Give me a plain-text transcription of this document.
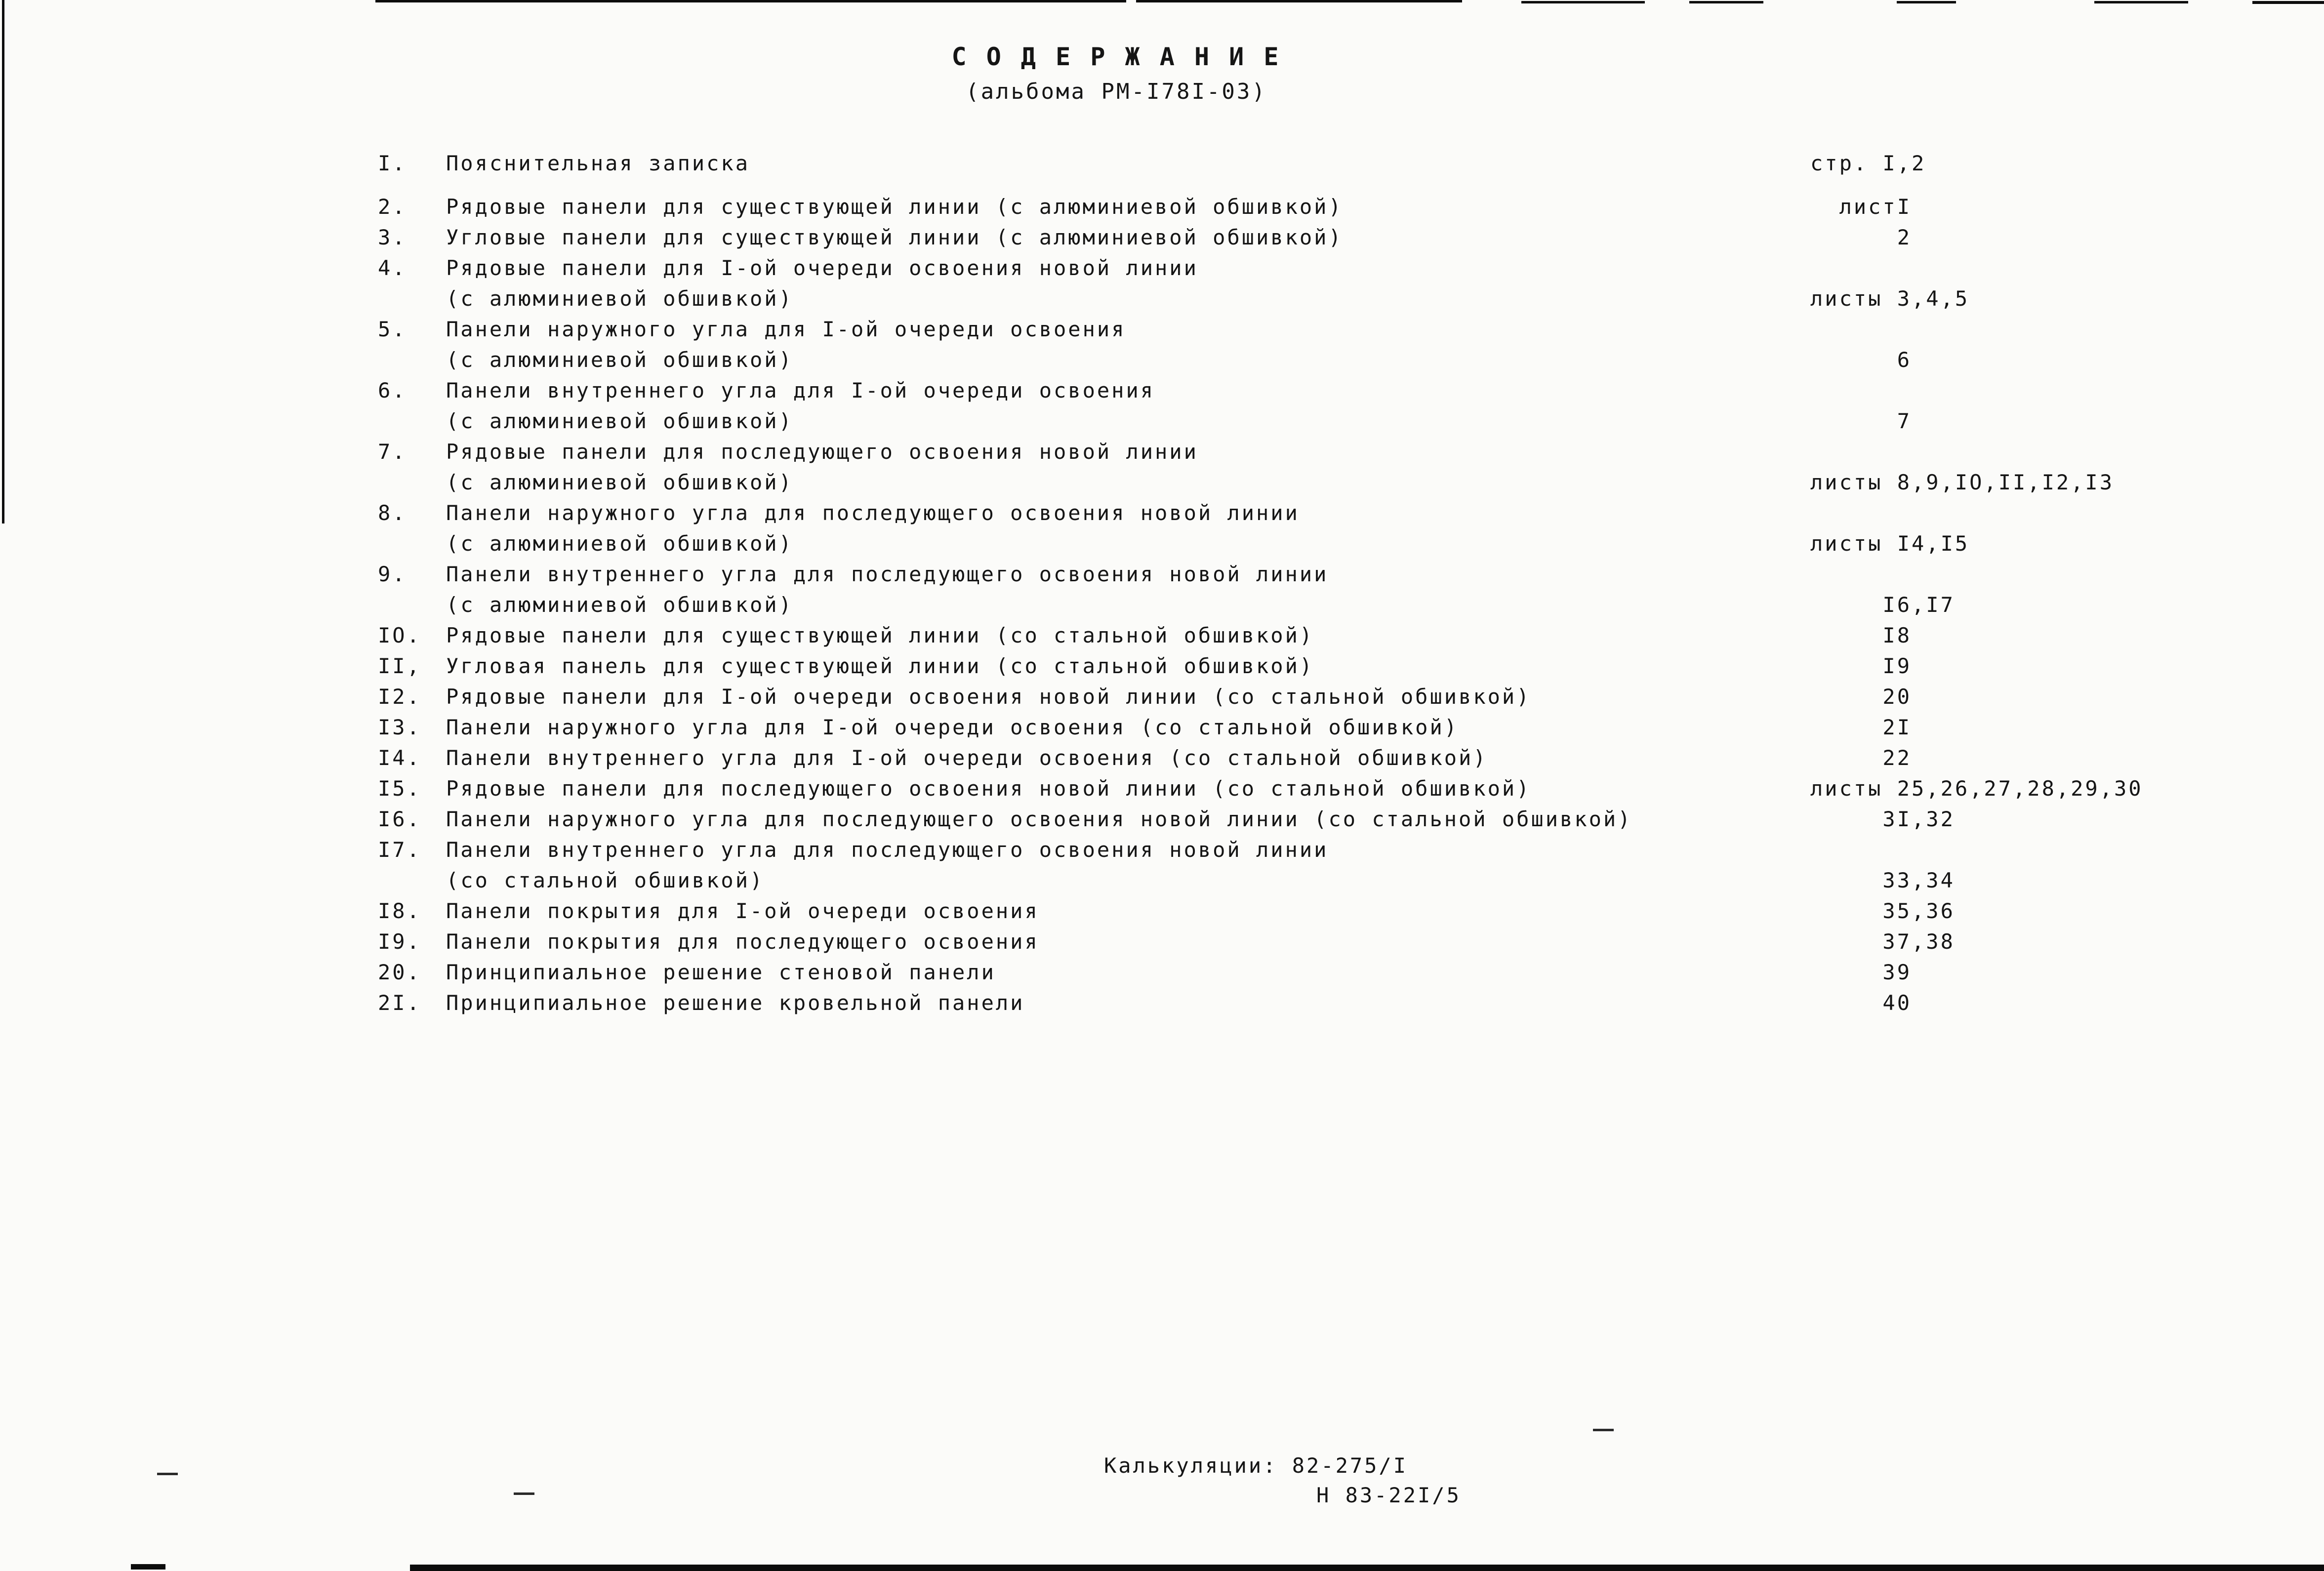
С О Д Е Р Ж А Н И Е
(альбома РМ-I78I-03)
I.	Пояснительная записка	стр. I,2
2.	Рядовые панели для существующей линии (с алюминиевой обшивкой)	листI
3.	Угловые панели для существующей линии (с алюминиевой обшивкой)	2
4.	Рядовые панели для I-ой очереди освоения новой линии
(с алюминиевой обшивкой)	листы 3,4,5
5.	Панели наружного угла для I-ой очереди освоения
(с алюминиевой обшивкой)	6
6.	Панели внутреннего угла для I-ой очереди освоения
(с алюминиевой обшивкой)	7
7.	Рядовые панели для последующего освоения новой линии
(с алюминиевой обшивкой)	листы 8,9,IO,II,I2,I3
8.	Панели наружного угла для последующего освоения новой линии
(с алюминиевой обшивкой)	листы I4,I5
9.	Панели внутреннего угла для последующего освоения новой линии
(с алюминиевой обшивкой)	I6,I7
IO.	Рядовые панели для существующей линии (со стальной обшивкой)	I8
II,	Угловая панель для существующей линии (со стальной обшивкой)	I9
I2.	Рядовые панели для I-ой очереди освоения новой линии (со стальной обшивкой)	20
I3.	Панели наружного угла для I-ой очереди освоения (со стальной обшивкой)	2I
I4.	Панели внутреннего угла для I-ой очереди освоения (со стальной обшивкой)	22
I5.	Рядовые панели для последующего освоения новой линии (со стальной обшивкой)	листы 25,26,27,28,29,30
I6.	Панели наружного угла для последующего освоения новой линии (со стальной обшивкой)	3I,32
I7.	Панели внутреннего угла для последующего освоения новой линии
(со стальной обшивкой)	33,34
I8.	Панели покрытия для I-ой очереди освоения	35,36
I9.	Панели покрытия для последующего освоения	37,38
20.	Принципиальное решение стеновой панели	39
2I.	Принципиальное решение кровельной панели	40
Калькуляции: 82-275/I
Н 83-22I/5
